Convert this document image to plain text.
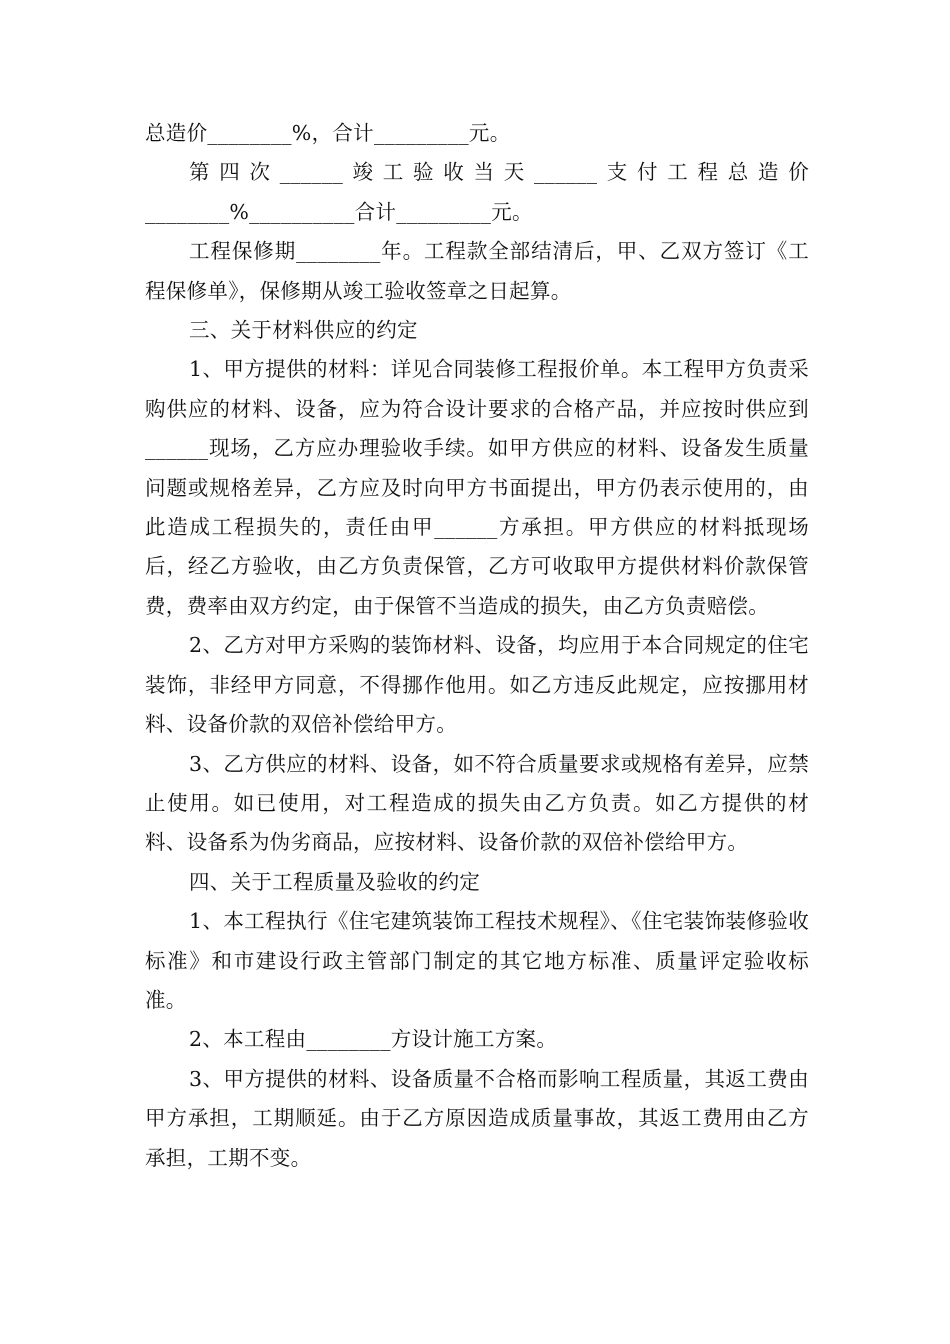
总造价________%，合计_________元。

第四次______竣工验收当天______支付工程总造价________%__________合计_________元。

工程保修期________年。工程款全部结清后，甲、乙双方签订《工程保修单》，保修期从竣工验收签章之日起算。

三、关于材料供应的约定

1、甲方提供的材料：详见合同装修工程报价单。本工程甲方负责采购供应的材料、设备，应为符合设计要求的合格产品，并应按时供应到______现场，乙方应办理验收手续。如甲方供应的材料、设备发生质量问题或规格差异，乙方应及时向甲方书面提出，甲方仍表示使用的，由此造成工程损失的，责任由甲______方承担。甲方供应的材料抵现场后，经乙方验收，由乙方负责保管，乙方可收取甲方提供材料价款保管费，费率由双方约定，由于保管不当造成的损失，由乙方负责赔偿。

2、乙方对甲方采购的装饰材料、设备，均应用于本合同规定的住宅装饰，非经甲方同意，不得挪作他用。如乙方违反此规定，应按挪用材料、设备价款的双倍补偿给甲方。

3、乙方供应的材料、设备，如不符合质量要求或规格有差异，应禁止使用。如已使用，对工程造成的损失由乙方负责。如乙方提供的材料、设备系为伪劣商品，应按材料、设备价款的双倍补偿给甲方。

四、关于工程质量及验收的约定

1、本工程执行《住宅建筑装饰工程技术规程》、《住宅装饰装修验收标准》和市建设行政主管部门制定的其它地方标准、质量评定验收标准。

2、本工程由________方设计施工方案。

3、甲方提供的材料、设备质量不合格而影响工程质量，其返工费由甲方承担，工期顺延。由于乙方原因造成质量事故，其返工费用由乙方承担，工期不变。
